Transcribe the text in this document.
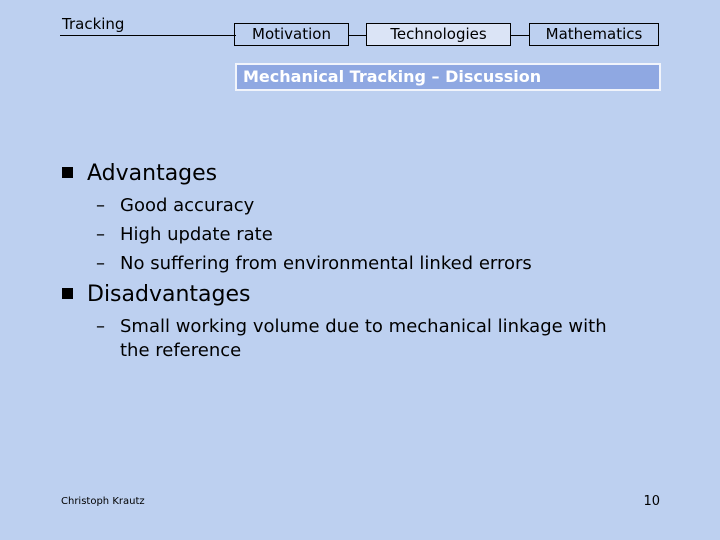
Tracking
Motivation	Technologies	Mathematics
Mechanical Tracking – Discussion
Advantages
– Good accuracy
– High update rate
– No suffering from environmental linked errors
Disadvantages
– Small working volume due to mechanical linkage with the reference
Christoph Krautz	10
